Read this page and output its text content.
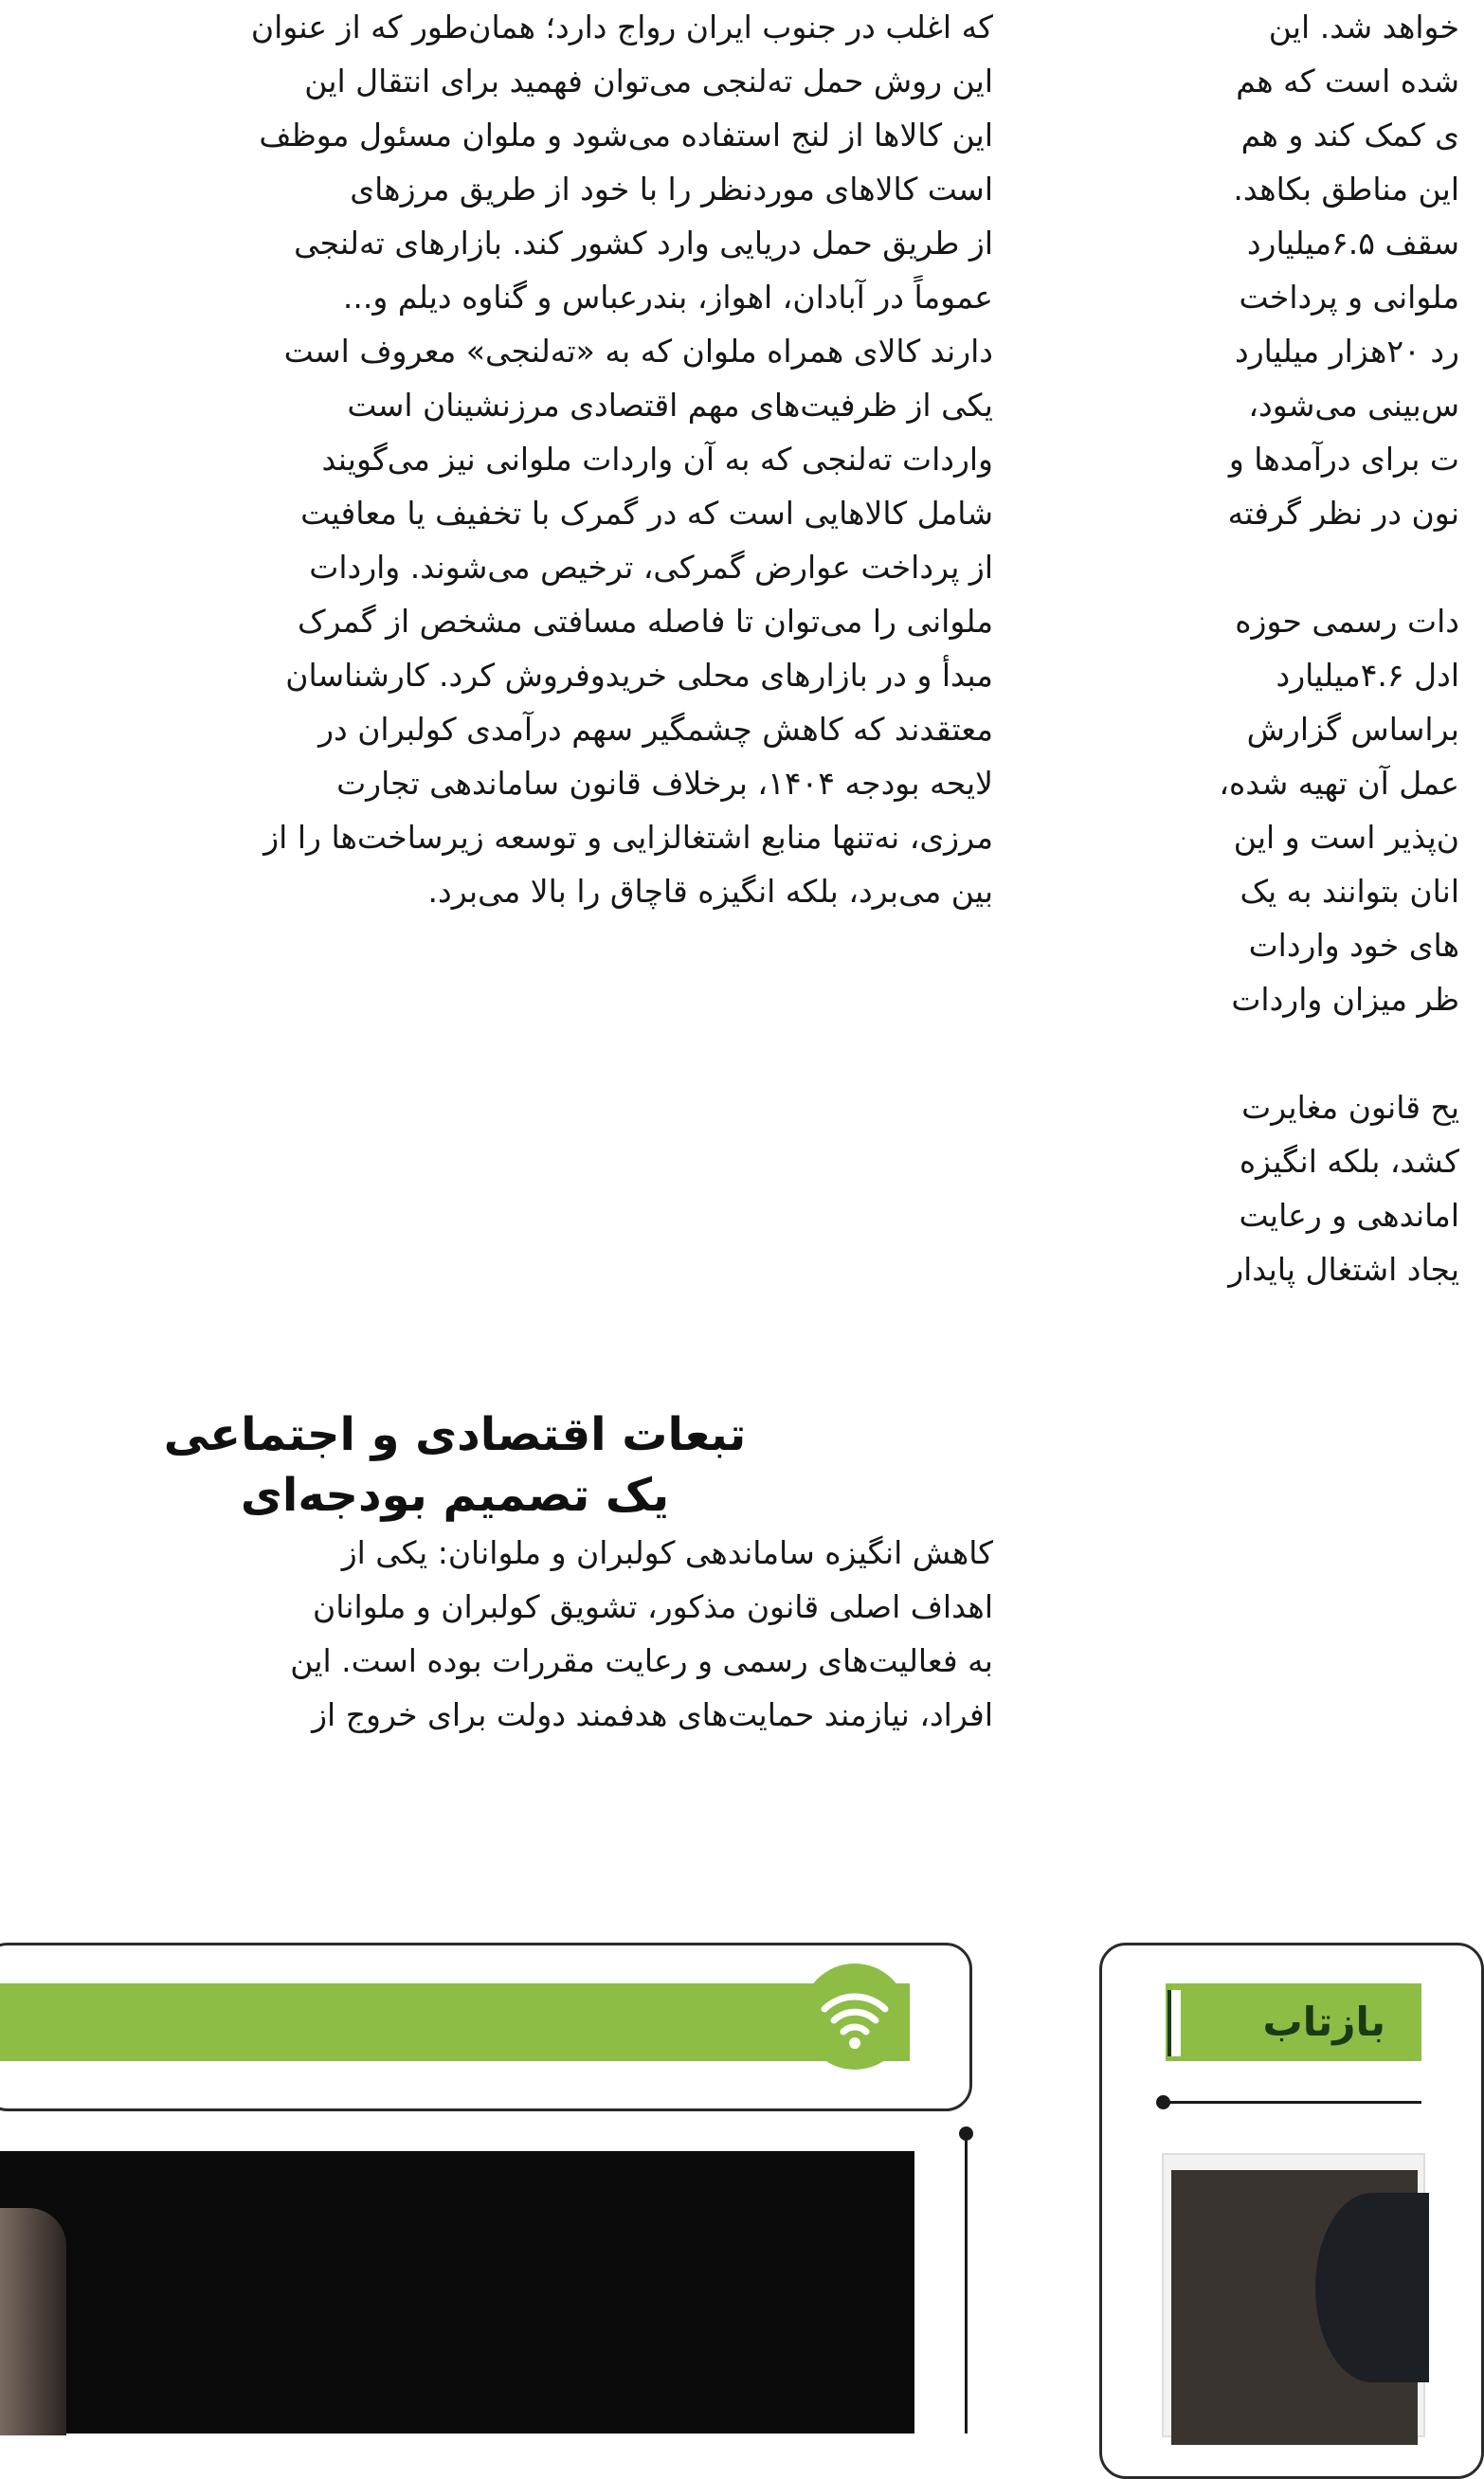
که اغلب در جنوب ایران رواج دارد؛ همان‌طور که از عنوان
این روش حمل ته‌لنجی می‌توان فهمید برای انتقال این
این کالاها از لنج استفاده می‌شود و ملوان مسئول موظف
است کالاهای موردنظر را با خود از طریق مرزهای
از طریق حمل دریایی وارد کشور کند. بازارهای ته‌لنجی
عموماً در آبادان، اهواز، بندرعباس و گناوه دیلم و...
دارند کالای همراه ملوان که به «ته‌لنجی» معروف است
یکی از ظرفیت‌های مهم اقتصادی مرزنشینان است
واردات ته‌لنجی که به آن واردات ملوانی نیز می‌گویند
شامل کالاهایی است که در گمرک با تخفیف یا معافیت
از پرداخت عوارض گمرکی، ترخیص می‌شوند. واردات
ملوانی را می‌توان تا فاصله مسافتی مشخص از گمرک
مبدأ و در بازارهای محلی خریدوفروش کرد. کارشناسان
معتقدند که کاهش چشمگیر سهم درآمدی کولبران در
لایحه بودجه ۱۴۰۴، برخلاف قانون ساماندهی تجارت
مرزی، نه‌تنها منابع اشتغالزایی و توسعه زیرساخت‌ها را از
بین می‌برد، بلکه انگیزه قاچاق را بالا می‌برد.
تبعات اقتصادی و اجتماعی
یک تصمیم بودجه‌ای
کاهش انگیزه ساماندهی کولبران و ملوانان: یکی از
اهداف اصلی قانون مذکور، تشویق کولبران و ملوانان
به فعالیت‌های رسمی و رعایت مقررات بوده است. این
افراد، نیازمند حمایت‌های هدفمند دولت برای خروج از
خواهد شد. این
شده است که هم
ی کمک کند و هم
این مناطق بکاهد.
سقف ۶.۵میلیارد
ملوانی و پرداخت
رد ۲۰هزار میلیارد
س‌بینی می‌شود،
ت برای درآمدها و
نون در نظر گرفته
دات رسمی حوزه
ادل ۴.۶میلیارد
براساس گزارش
عمل آن تهیه شده،
ن‌پذیر است و این
انان بتوانند به یک
های خود واردات
ظر میزان واردات
یح قانون مغایرت
کشد، بلکه انگیزه
اماندهی و رعایت
یجاد اشتغال پایدار
بازتاب
